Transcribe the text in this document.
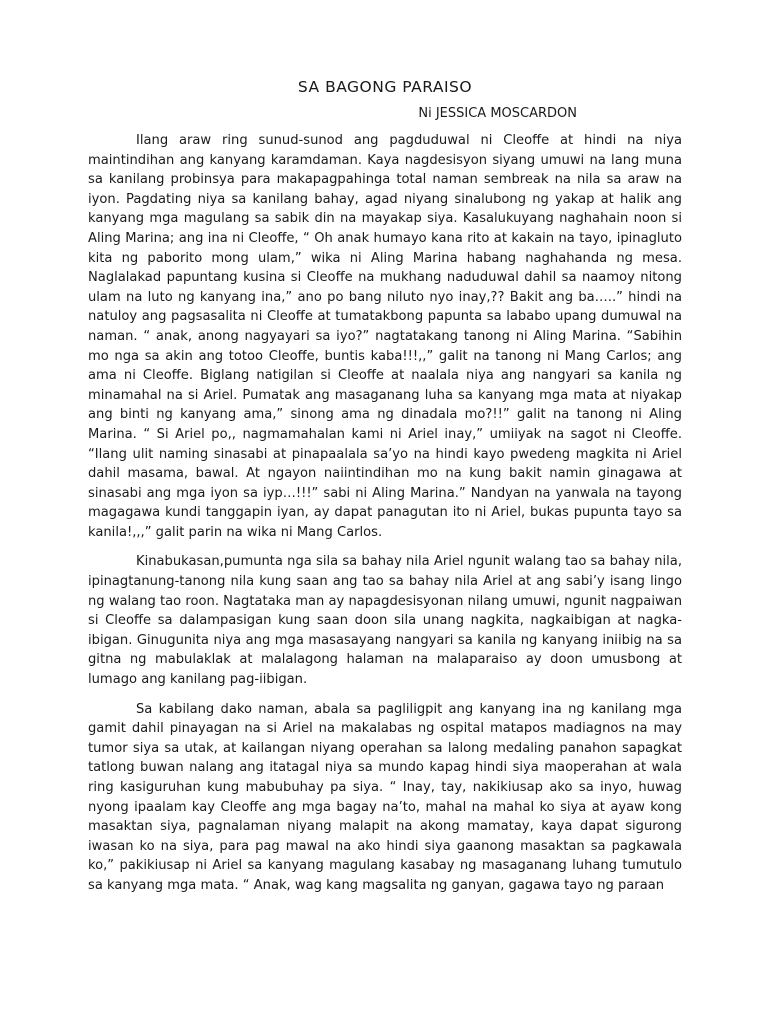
SA BAGONG PARAISO
Ni JESSICA MOSCARDON

Ilang araw ring sunud-sunod ang pagduduwal ni Cleoffe at hindi na niya maintindihan ang kanyang karamdaman. Kaya nagdesisyon siyang umuwi na lang muna sa kanilang probinsya para makapagpahinga total naman sembreak na nila sa araw na iyon. Pagdating niya sa kanilang bahay, agad niyang sinalubong ng yakap at halik ang kanyang mga magulang sa sabik din na mayakap siya. Kasalukuyang naghahain noon si Aling Marina; ang ina ni Cleoffe, “ Oh anak humayo kana rito at kakain na tayo, ipinagluto kita ng paborito mong ulam,” wika ni Aling Marina habang naghahanda ng mesa. Naglalakad papuntang kusina si Cleoffe na mukhang naduduwal dahil sa naamoy nitong ulam na luto ng kanyang ina,” ano po bang niluto nyo inay,?? Bakit ang ba…..” hindi na natuloy ang pagsasalita ni Cleoffe at tumatakbong papunta sa lababo upang dumuwal na naman. “ anak, anong nagyayari sa iyo?” nagtatakang tanong ni Aling Marina. “Sabihin mo nga sa akin ang totoo Cleoffe, buntis kaba!!!,,” galit na tanong ni Mang Carlos; ang ama ni Cleoffe. Biglang natigilan si Cleoffe at naalala niya ang nangyari sa kanila ng minamahal na si Ariel. Pumatak ang masaganang luha sa kanyang mga mata at niyakap ang binti ng kanyang ama,” sinong ama ng dinadala mo?!!” galit na tanong ni Aling Marina. “ Si Ariel po,, nagmamahalan kami ni Ariel inay,” umiiyak na sagot ni Cleoffe. “Ilang ulit naming sinasabi at pinapaalala sa’yo na hindi kayo pwedeng magkita ni Ariel dahil masama, bawal. At ngayon naiintindihan mo na kung bakit namin ginagawa at sinasabi ang mga iyon sa iyp…!!!” sabi ni Aling Marina.” Nandyan na yanwala na tayong magagawa kundi tanggapin iyan, ay dapat panagutan ito ni Ariel, bukas pupunta tayo sa kanila!,,,” galit parin na wika ni Mang Carlos.

Kinabukasan,pumunta nga sila sa bahay nila Ariel ngunit walang tao sa bahay nila, ipinagtanung-tanong nila kung saan ang tao sa bahay nila Ariel at ang sabi’y isang lingo ng walang tao roon. Nagtataka man ay napagdesisyonan nilang umuwi, ngunit nagpaiwan si Cleoffe sa dalampasigan kung saan doon sila unang nagkita, nagkaibigan at nagka-ibigan. Ginugunita niya ang mga masasayang nangyari sa kanila ng kanyang iniibig na sa gitna ng mabulaklak at malalagong halaman na malaparaiso ay doon umusbong at lumago ang kanilang pag-iibigan.

Sa kabilang dako naman, abala sa pagliligpit ang kanyang ina ng kanilang mga gamit dahil pinayagan na si Ariel na makalabas ng ospital matapos madiagnos na may tumor siya sa utak, at kailangan niyang operahan sa lalong medaling panahon sapagkat tatlong buwan nalang ang itatagal niya sa mundo kapag hindi siya maoperahan at wala ring kasiguruhan kung mabubuhay pa siya. “ Inay, tay, nakikiusap ako sa inyo, huwag nyong ipaalam kay Cleoffe ang mga bagay na’to, mahal na mahal ko siya at ayaw kong masaktan siya, pagnalaman niyang malapit na akong mamatay, kaya dapat sigurong iwasan ko na siya, para pag mawal na ako hindi siya gaanong masaktan sa pagkawala ko,” pakikiusap ni Ariel sa kanyang magulang kasabay ng masaganang luhang tumutulo sa kanyang mga mata. “ Anak, wag kang magsalita ng ganyan, gagawa tayo ng paraan
